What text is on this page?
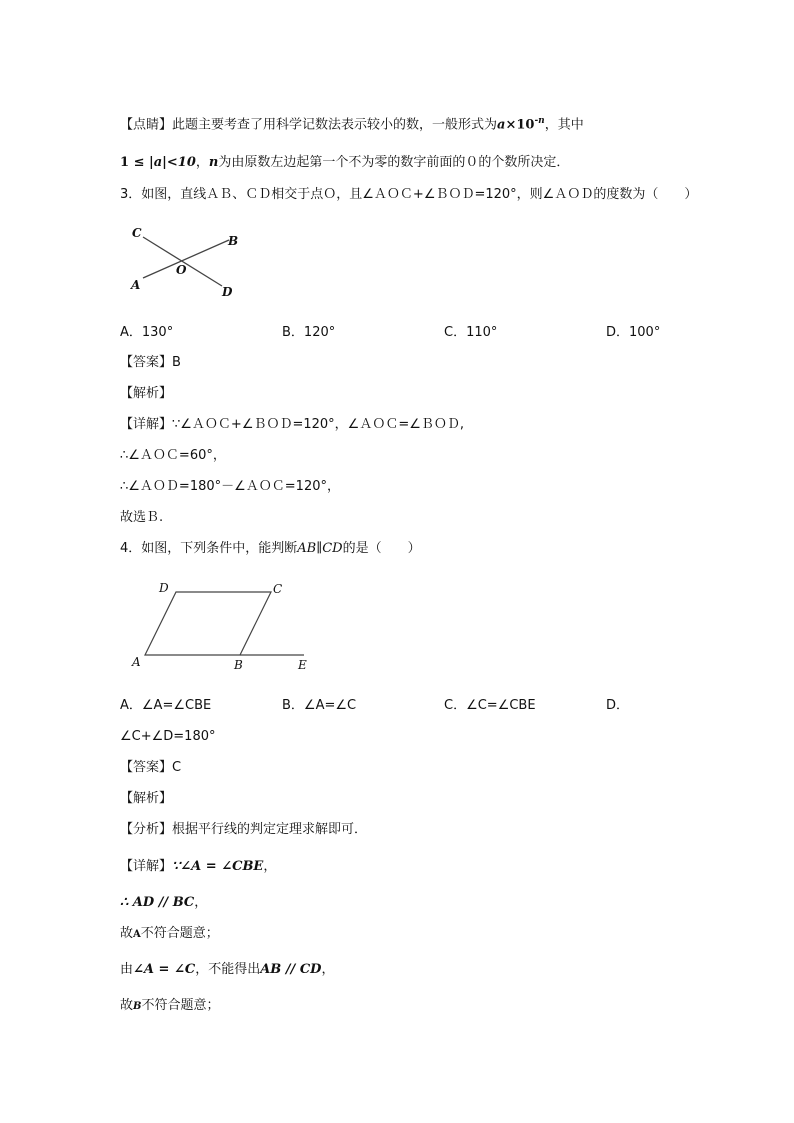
【点睛】此题主要考查了用科学记数法表示较小的数，一般形式为$a\times 10^{-n}$，其中
1 ≤ |a|<10，n为由原数左边起第一个不为零的数字前面的０的个数所决定．
3．如图，直线ＡＢ、ＣＤ相交于点Ｏ，且∠ＡＯＣ+∠ＢＯＤ=120°，则∠ＡＯＤ的度数为（　　）
C
B
O
A	D
A．130°	B．120°	C．110°	D．100°
【答案】B
【解析】
【详解】∵∠ＡＯＣ+∠ＢＯＤ=120°，∠ＡＯＣ=∠ＢＯＤ,
∴∠ＡＯＣ=60°，
∴∠ＡＯＤ=180°－∠ＡＯＣ=120°，
故选Ｂ.
4．如图，下列条件中，能判断AB∥CD的是（　　）
D	C
A	B	E
A．∠A=∠CBE	B．∠A=∠C	C．∠C=∠CBE	D．
∠C+∠D=180°
【答案】C
【解析】
【分析】根据平行线的判定定理求解即可．
【详解】∵∠A = ∠CBE，
∴ AD // BC，
故A不符合题意；
由∠A = ∠C，不能得出AB // CD，
故B不符合题意；
